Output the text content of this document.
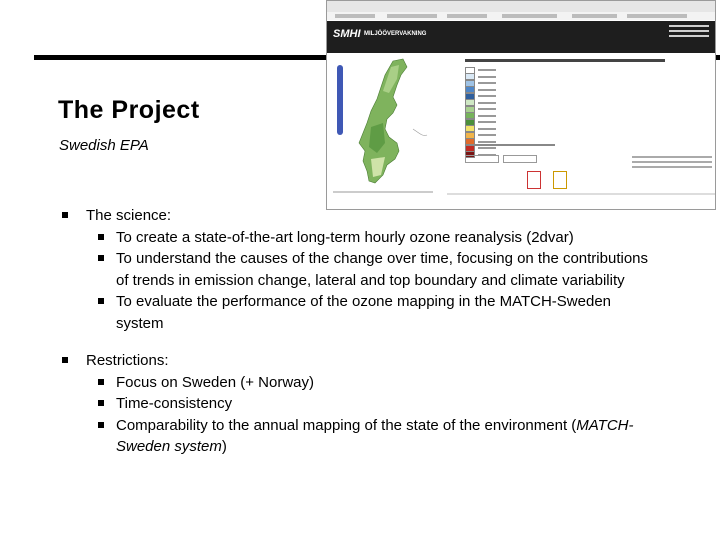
The Project
Swedish EPA
SMHI MILJÖÖVERVAKNING
The science:
To create a state-of-the-art long-term hourly ozone reanalysis (2dvar)
To understand the causes of the change over time, focusing on the contributions of trends in emission change, lateral and top boundary and climate variability
To evaluate the performance of the ozone mapping in the MATCH-Sweden system
Restrictions:
Focus on Sweden (+ Norway)
Time-consistency
Comparability to the annual mapping of the state of the environment (MATCH-Sweden system)
